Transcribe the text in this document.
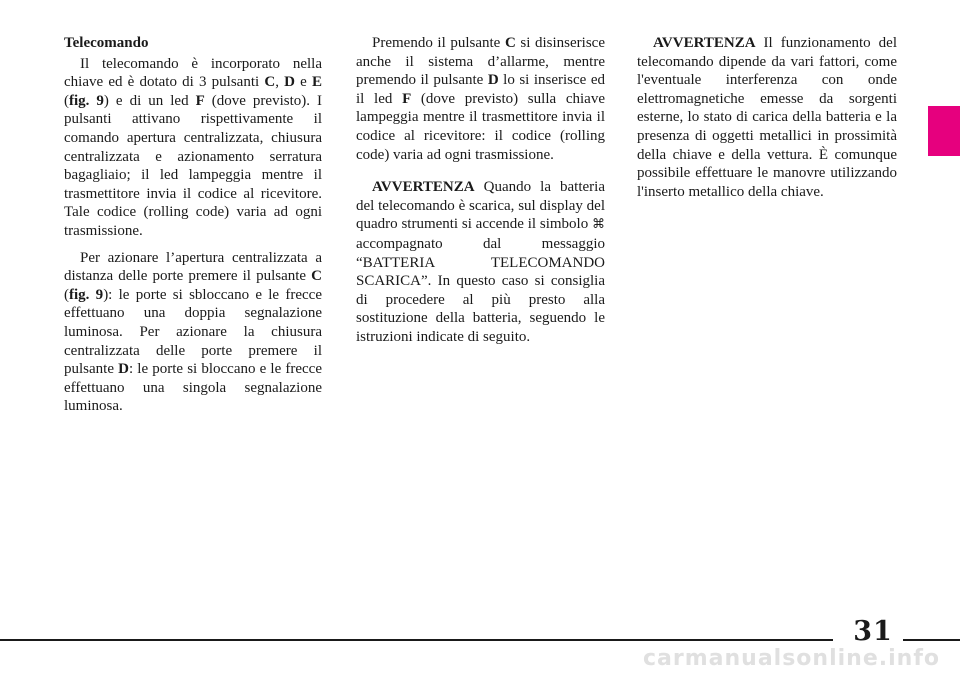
Telecomando

Il telecomando è incorporato nella chiave ed è dotato di 3 pulsanti C, D e E (fig. 9) e di un led F (dove previsto). I pulsanti attivano rispettivamente il comando apertura centralizzata, chiusura centralizzata e azionamento serratura bagagliaio; il led lampeggia mentre il trasmettitore invia il codice al ricevitore. Tale codice (rolling code) varia ad ogni trasmissione.

Per azionare l’apertura centralizzata a distanza delle porte premere il pulsante C (fig. 9): le porte si sbloccano e le frecce effettuano una doppia segnalazione luminosa. Per azionare la chiusura centralizzata delle porte premere il pulsante D: le porte si bloccano e le frecce effettuano una singola segnalazione luminosa.

Premendo il pulsante C si disinserisce anche il sistema d’allarme, mentre premendo il pulsante D lo si inserisce ed il led F (dove previsto) sulla chiave lampeggia mentre il trasmettitore invia il codice al ricevitore: il codice (rolling code) varia ad ogni trasmissione.

AVVERTENZA Quando la batteria del telecomando è scarica, sul display del quadro strumenti si accende il simbolo ⌘ accompagnato dal messaggio “BATTERIA TELECOMANDO SCARICA”. In questo caso si consiglia di procedere al più presto alla sostituzione della batteria, seguendo le istruzioni indicate di seguito.

AVVERTENZA Il funzionamento del telecomando dipende da vari fattori, come l'eventuale interferenza con onde elettromagnetiche emesse da sorgenti esterne, lo stato di carica della batteria e la presenza di oggetti metallici in prossimità della chiave e della vettura. È comunque possibile effettuare le manovre utilizzando l'inserto metallico della chiave.

31
carmanualsonline.info
